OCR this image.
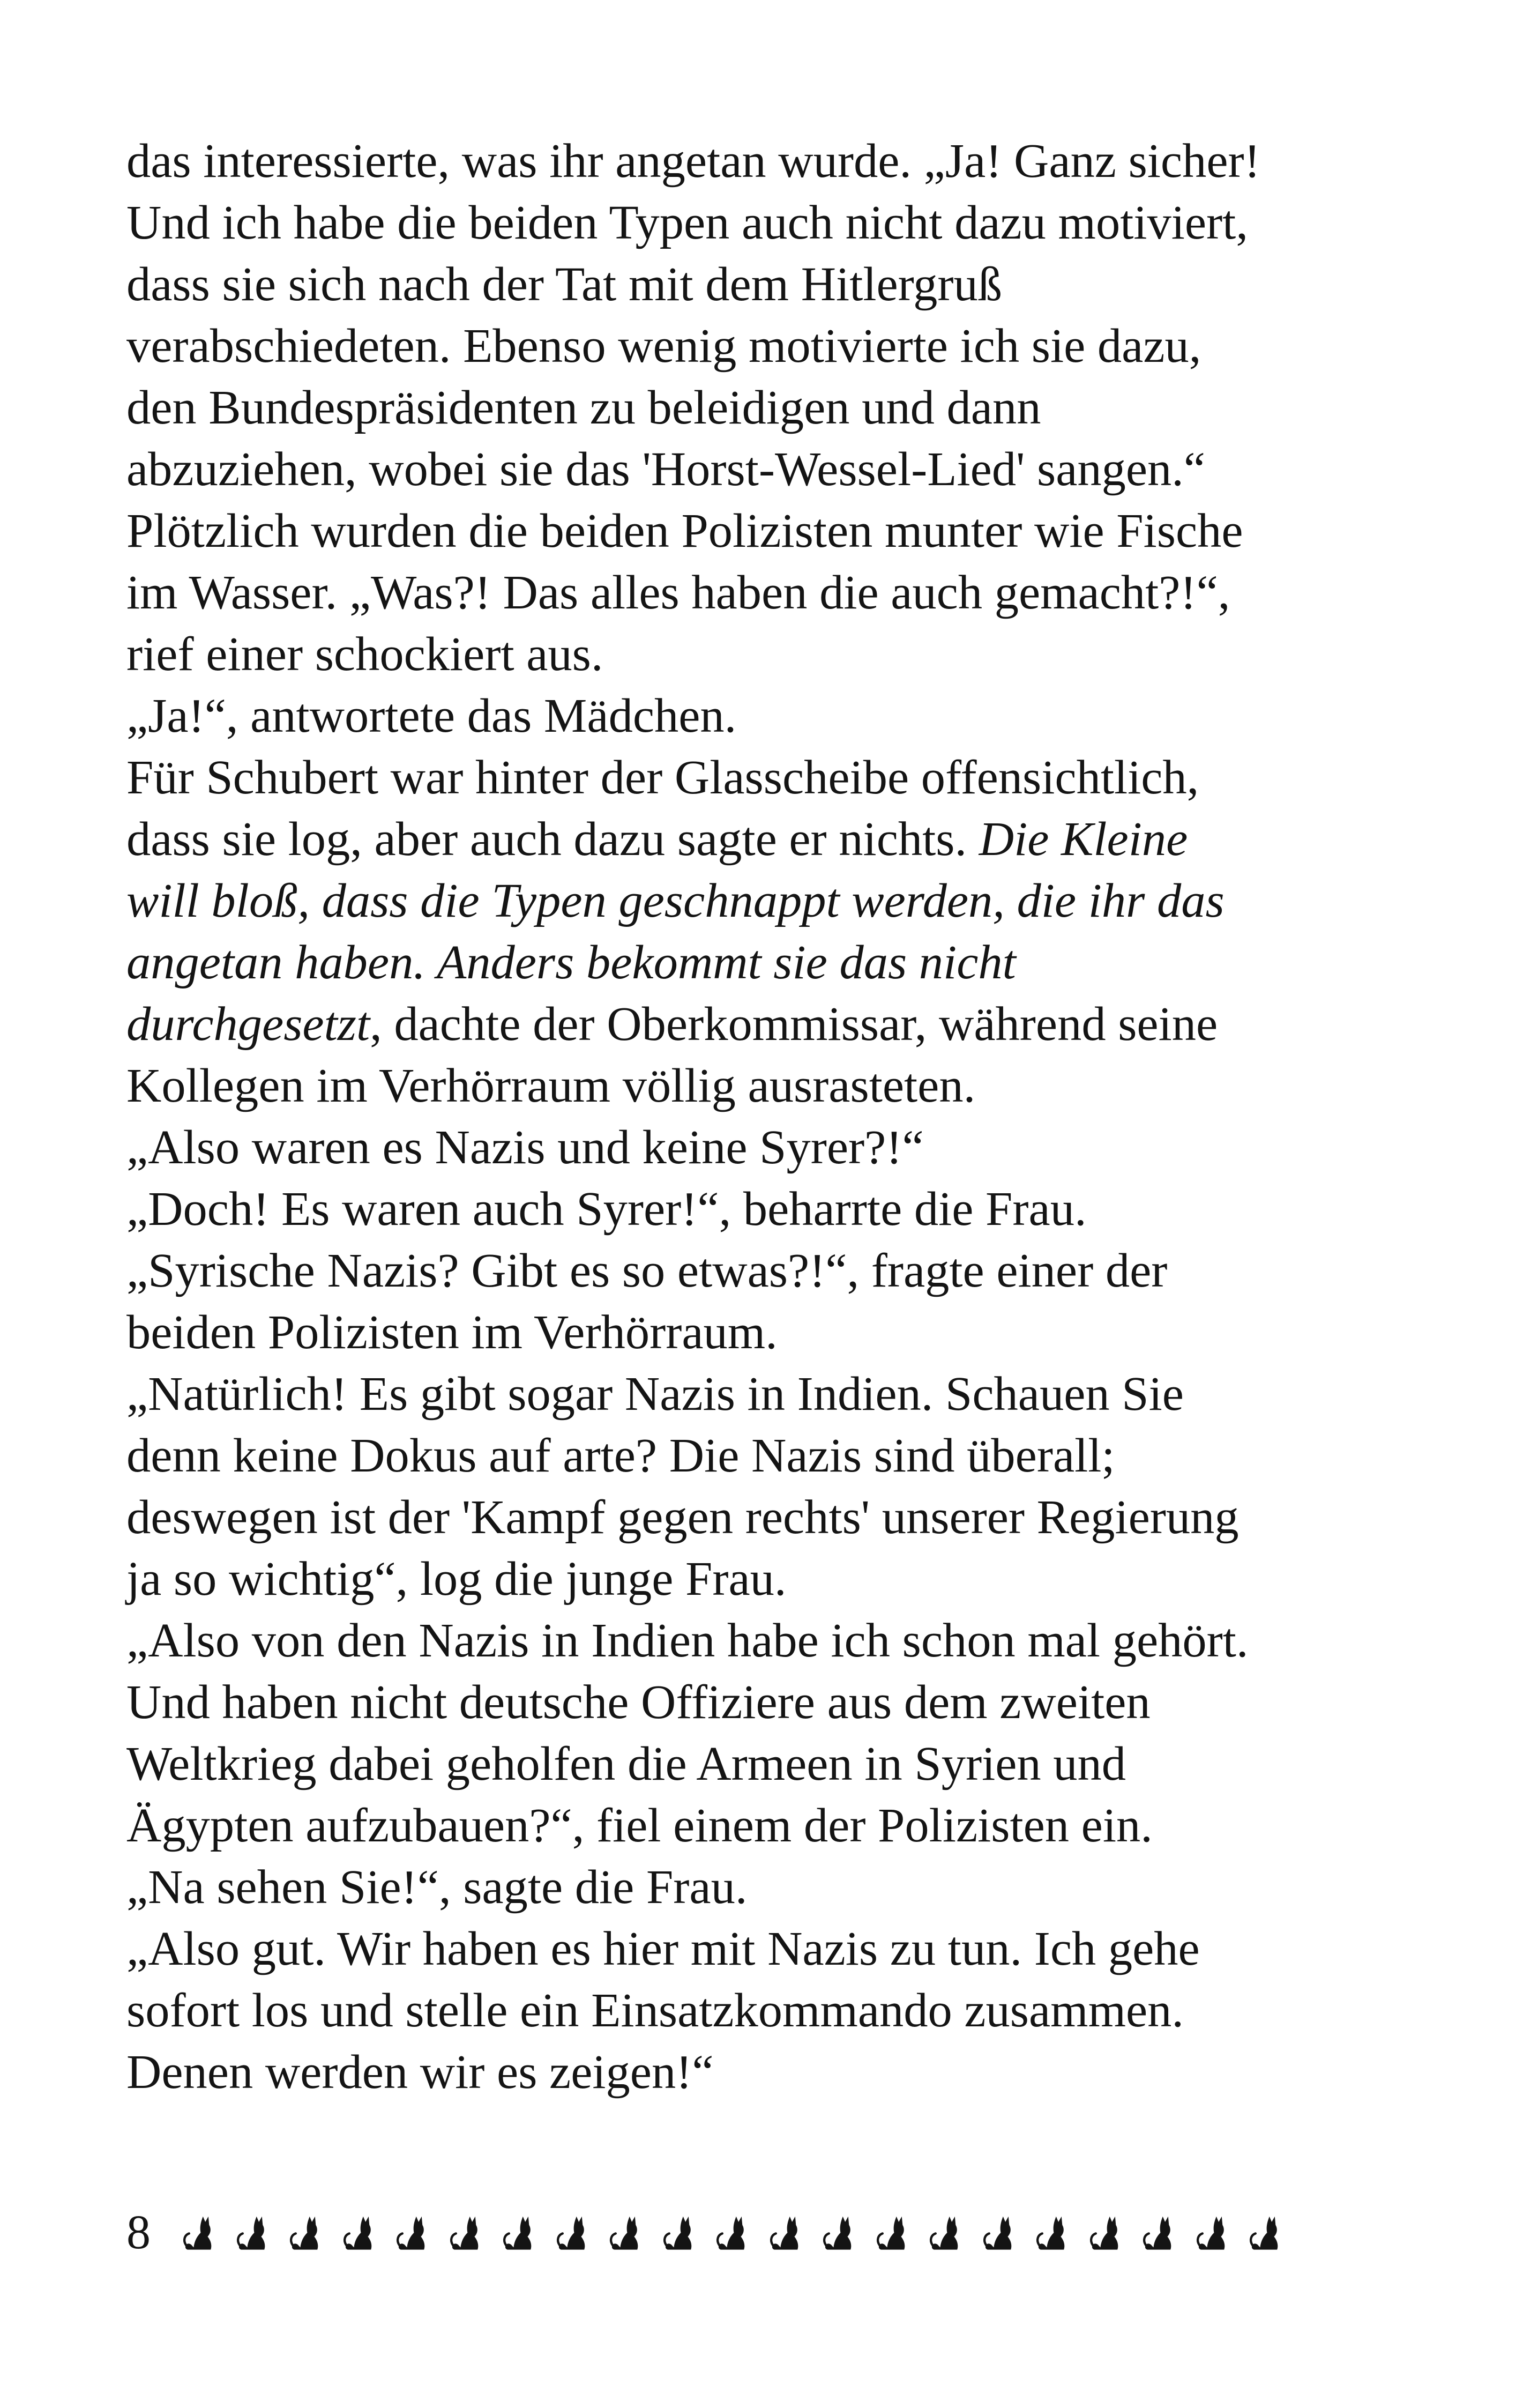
das interessierte, was ihr angetan wurde. „Ja! Ganz sicher!
Und ich habe die beiden Typen auch nicht dazu motiviert,
dass sie sich nach der Tat mit dem Hitlergruß
verabschiedeten. Ebenso wenig motivierte ich sie dazu,
den Bundespräsidenten zu beleidigen und dann
abzuziehen, wobei sie das 'Horst-Wessel-Lied' sangen.“
Plötzlich wurden die beiden Polizisten munter wie Fische
im Wasser. „Was?! Das alles haben die auch gemacht?!“,
rief einer schockiert aus.
„Ja!“, antwortete das Mädchen.
Für Schubert war hinter der Glasscheibe offensichtlich,
dass sie log, aber auch dazu sagte er nichts. Die Kleine
will bloß, dass die Typen geschnappt werden, die ihr das
angetan haben. Anders bekommt sie das nicht
durchgesetzt, dachte der Oberkommissar, während seine
Kollegen im Verhörraum völlig ausrasteten.
„Also waren es Nazis und keine Syrer?!“
„Doch! Es waren auch Syrer!“, beharrte die Frau.
„Syrische Nazis? Gibt es so etwas?!“, fragte einer der
beiden Polizisten im Verhörraum.
„Natürlich! Es gibt sogar Nazis in Indien. Schauen Sie
denn keine Dokus auf arte? Die Nazis sind überall;
deswegen ist der 'Kampf gegen rechts' unserer Regierung
ja so wichtig“, log die junge Frau.
„Also von den Nazis in Indien habe ich schon mal gehört.
Und haben nicht deutsche Offiziere aus dem zweiten
Weltkrieg dabei geholfen die Armeen in Syrien und
Ägypten aufzubauen?“, fiel einem der Polizisten ein.
„Na sehen Sie!“, sagte die Frau.
„Also gut. Wir haben es hier mit Nazis zu tun. Ich gehe
sofort los und stelle ein Einsatzkommando zusammen.
Denen werden wir es zeigen!“
8
